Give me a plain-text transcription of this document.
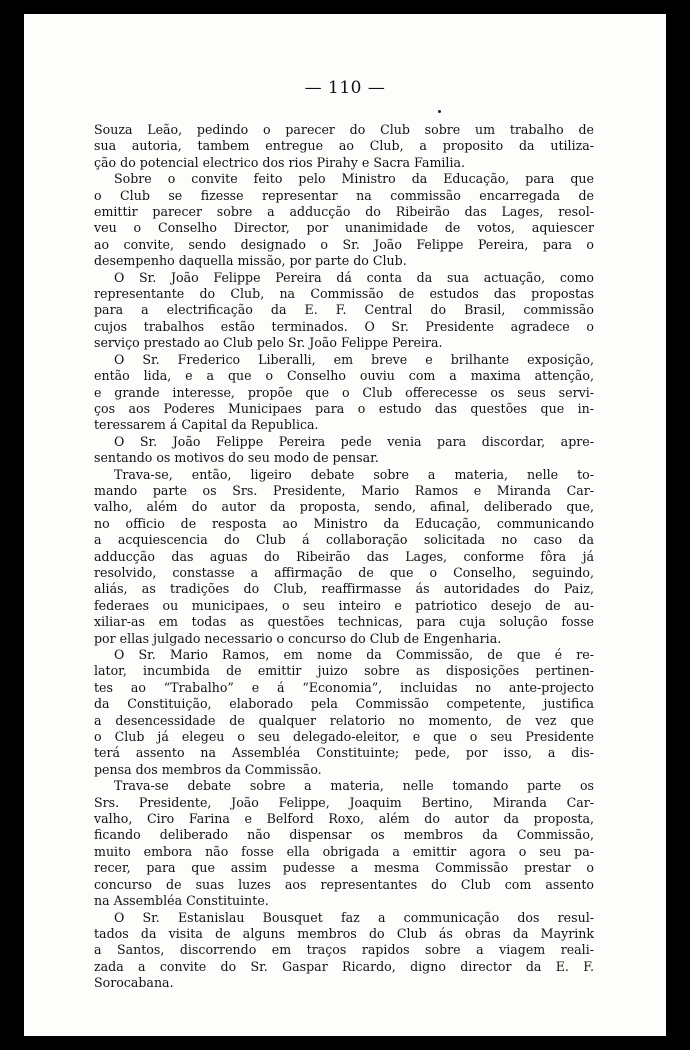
— 110 —
Souza Leão, pedindo o parecer do Club sobre um trabalho de
sua autoria, tambem entregue ao Club, a proposito da utiliza-
ção do potencial electrico dos rios Pirahy e Sacra Familia.
Sobre o convite feito pelo Ministro da Educação, para que
o Club se fizesse representar na commissão encarregada de
emittir parecer sobre a adducção do Ribeirão das Lages, resol-
veu o Conselho Director, por unanimidade de votos, aquiescer
ao convite, sendo designado o Sr. João Felippe Pereira, para o
desempenho daquella missão, por parte do Club.
O Sr. João Felippe Pereira dá conta da sua actuação, como
representante do Club, na Commissão de estudos das propostas
para a electrificação da E. F. Central do Brasil, commissão
cujos trabalhos estão terminados. O Sr. Presidente agradece o
serviço prestado ao Club pelo Sr. João Felippe Pereira.
O Sr. Frederico Liberalli, em breve e brilhante exposição,
então lida, e a que o Conselho ouviu com a maxima attenção,
e grande interesse, propõe que o Club offerecesse os seus servi-
ços aos Poderes Municipaes para o estudo das questões que in-
teressarem á Capital da Republica.
O Sr. João Felippe Pereira pede venia para discordar, apre-
sentando os motivos do seu modo de pensar.
Trava-se, então, ligeiro debate sobre a materia, nelle to-
mando parte os Srs. Presidente, Mario Ramos e Miranda Car-
valho, além do autor da proposta, sendo, afinal, deliberado que,
no officio de resposta ao Ministro da Educação, communicando
a acquiescencia do Club á collaboração solicitada no caso da
adducção das aguas do Ribeirão das Lages, conforme fôra já
resolvido, constasse a affirmação de que o Conselho, seguindo,
aliás, as tradições do Club, reaffirmasse ás autoridades do Paiz,
federaes ou municipaes, o seu inteiro e patriotico desejo de au-
xiliar-as em todas as questões technicas, para cuja solução fosse
por ellas julgado necessario o concurso do Club de Engenharia.
O Sr. Mario Ramos, em nome da Commissão, de que é re-
lator, incumbida de emittir juizo sobre as disposições pertinen-
tes ao “Trabalho” e á “Economia”, incluidas no ante-projecto
da Constituição, elaborado pela Commissão competente, justifica
a desencessidade de qualquer relatorio no momento, de vez que
o Club já elegeu o seu delegado-eleitor, e que o seu Presidente
terá assento na Assembléa Constituinte; pede, por isso, a dis-
pensa dos membros da Commissão.
Trava-se debate sobre a materia, nelle tomando parte os
Srs. Presidente, João Felippe, Joaquim Bertino, Miranda Car-
valho, Ciro Farina e Belford Roxo, além do autor da proposta,
ficando deliberado não dispensar os membros da Commissão,
muito embora não fosse ella obrigada a emittir agora o seu pa-
recer, para que assim pudesse a mesma Commissão prestar o
concurso de suas luzes aos representantes do Club com assento
na Assembléa Constituinte.
O Sr. Estanislau Bousquet faz a communicação dos resul-
tados da visita de alguns membros do Club ás obras da Mayrink
a Santos, discorrendo em traços rapidos sobre a viagem reali-
zada a convite do Sr. Gaspar Ricardo, digno director da E. F.
Sorocabana.
